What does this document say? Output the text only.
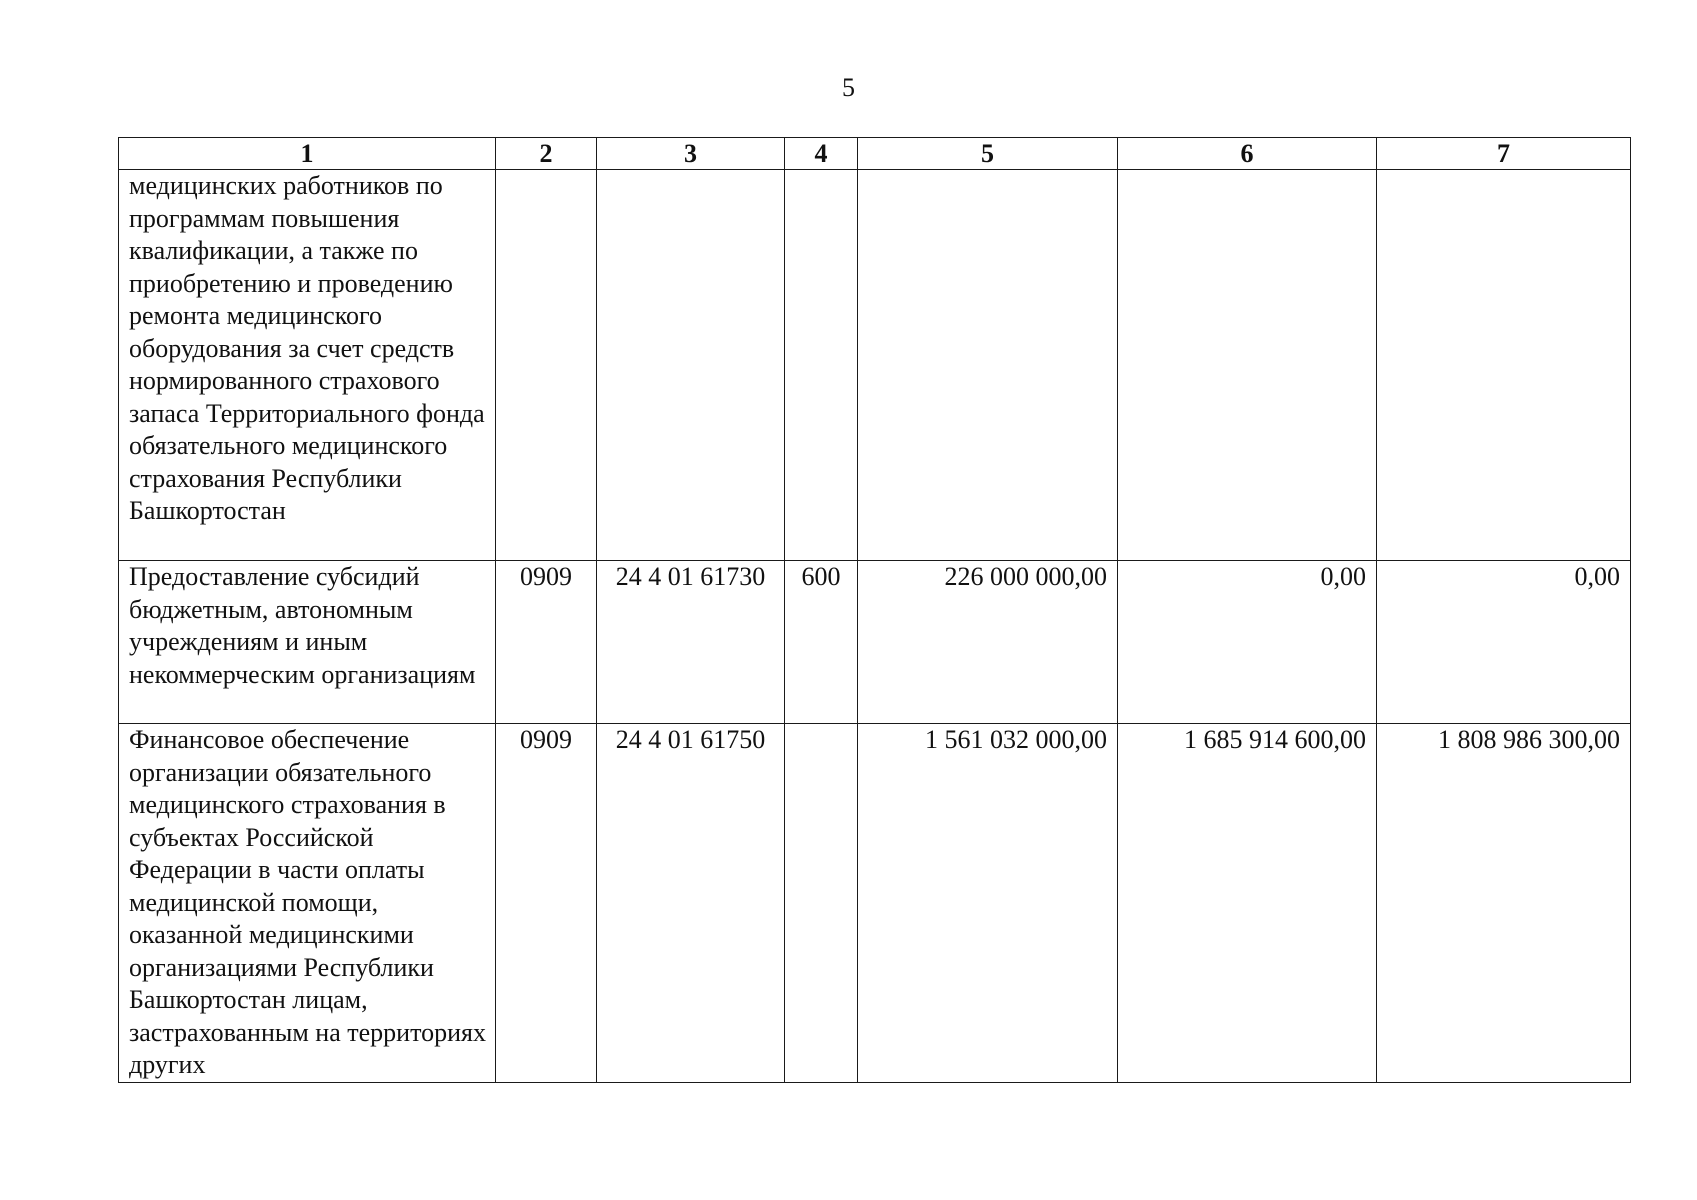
5
1	2	3	4	5	6	7
медицинских работников по программам повышения квалификации, а также по приобретению и проведению ремонта медицинского оборудования за счет средств нормированного страхового запаса Территориального фонда обязательного медицинского страхования Республики Башкортостан						
Предоставление субсидий бюджетным, автономным учреждениям и иным некоммерческим организациям	0909	24 4 01 61730	600	226 000 000,00	0,00	0,00
Финансовое обеспечение организации обязательного медицинского страхования в субъектах Российской Федерации в части оплаты медицинской помощи, оказанной медицинскими организациями Республики Башкортостан лицам, застрахованным на территориях других	0909	24 4 01 61750		1 561 032 000,00	1 685 914 600,00	1 808 986 300,00
